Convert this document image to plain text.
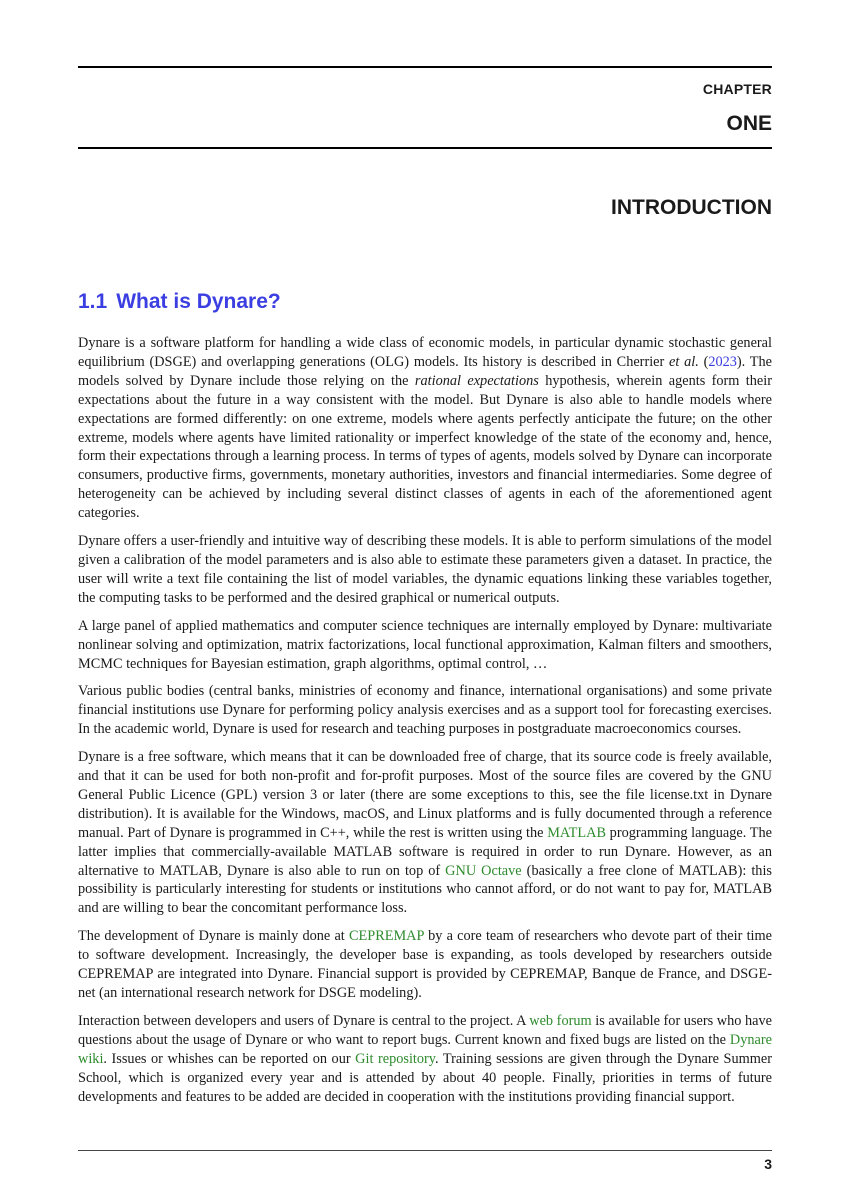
CHAPTER
ONE
INTRODUCTION
1.1 What is Dynare?

Dynare is a software platform for handling a wide class of economic models, in particular dynamic stochastic general equilibrium (DSGE) and overlapping generations (OLG) models. Its history is described in Cherrier et al. (2023). The models solved by Dynare include those relying on the rational expectations hypothesis, wherein agents form their expectations about the future in a way consistent with the model. But Dynare is also able to handle models where expectations are formed differently: on one extreme, models where agents perfectly anticipate the future; on the other extreme, models where agents have limited rationality or imperfect knowledge of the state of the economy and, hence, form their expectations through a learning process. In terms of types of agents, models solved by Dynare can incorporate consumers, productive firms, governments, monetary authorities, investors and financial intermediaries. Some degree of heterogeneity can be achieved by including several distinct classes of agents in each of the aforementioned agent categories.

Dynare offers a user-friendly and intuitive way of describing these models. It is able to perform simulations of the model given a calibration of the model parameters and is also able to estimate these parameters given a dataset. In practice, the user will write a text file containing the list of model variables, the dynamic equations linking these variables together, the computing tasks to be performed and the desired graphical or numerical outputs.

A large panel of applied mathematics and computer science techniques are internally employed by Dynare: multivariate nonlinear solving and optimization, matrix factorizations, local functional approximation, Kalman filters and smoothers, MCMC techniques for Bayesian estimation, graph algorithms, optimal control, …

Various public bodies (central banks, ministries of economy and finance, international organisations) and some private financial institutions use Dynare for performing policy analysis exercises and as a support tool for forecasting exercises. In the academic world, Dynare is used for research and teaching purposes in postgraduate macroeconomics courses.

Dynare is a free software, which means that it can be downloaded free of charge, that its source code is freely available, and that it can be used for both non-profit and for-profit purposes. Most of the source files are covered by the GNU General Public Licence (GPL) version 3 or later (there are some exceptions to this, see the file license.txt in Dynare distribution). It is available for the Windows, macOS, and Linux platforms and is fully documented through a reference manual. Part of Dynare is programmed in C++, while the rest is written using the MATLAB programming language. The latter implies that commercially-available MATLAB software is required in order to run Dynare. However, as an alternative to MATLAB, Dynare is also able to run on top of GNU Octave (basically a free clone of MATLAB): this possibility is particularly interesting for students or institutions who cannot afford, or do not want to pay for, MATLAB and are willing to bear the concomitant performance loss.

The development of Dynare is mainly done at CEPREMAP by a core team of researchers who devote part of their time to software development. Increasingly, the developer base is expanding, as tools developed by researchers outside CEPREMAP are integrated into Dynare. Financial support is provided by CEPREMAP, Banque de France, and DSGE-net (an international research network for DSGE modeling).

Interaction between developers and users of Dynare is central to the project. A web forum is available for users who have questions about the usage of Dynare or who want to report bugs. Current known and fixed bugs are listed on the Dynare wiki. Issues or whishes can be reported on our Git repository. Training sessions are given through the Dynare Summer School, which is organized every year and is attended by about 40 people. Finally, priorities in terms of future developments and features to be added are decided in cooperation with the institutions providing financial support.

3
